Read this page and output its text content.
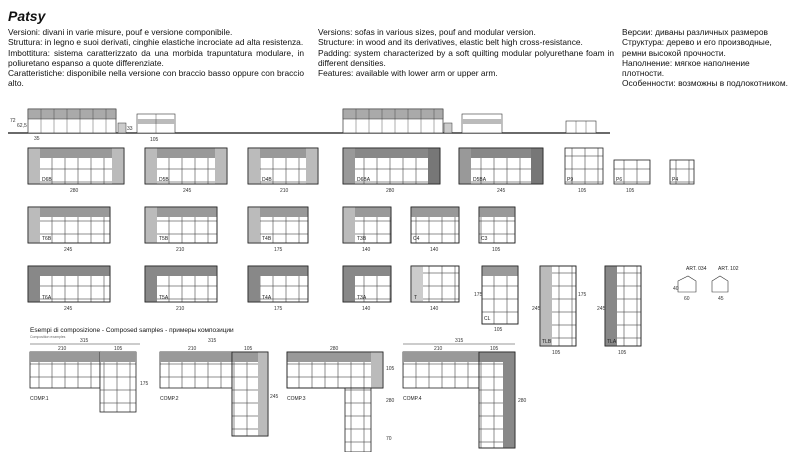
Patsy

Versioni: divani in varie misure, pouf e versione componibile.

Struttura: in legno e suoi derivati, cinghie elastiche incrociate ad alta resistenza.

Imbottitura: sistema caratterizzato da una morbida trapuntatura modulare, in poliuretano espanso a quote differenziate.

Caratteristiche: disponibile nella versione con braccio basso oppure con braccio alto.

Versions: sofas in various sizes, pouf and modular version.

Structure: in wood and its derivatives, elastic belt high cross-resistance.

Padding: system characterized by a soft quilting modular polyurethane foam in different densities.

Features: available with lower arm or upper arm.

Версии: диваны различных размеров

Структура: дерево и его производные, ремни высокой прочности.

Наполнение: мягкое наполнение плотности.

Особенности: возможны в подлокотником.

72
62,5
35
33
105
D6B
280
D5B
245
D4B
210
D6BA
280
D5BA
245
P9
105
P6
105
P4
T6B
245
T5B
210
T4B
175
T3B
140
C4
140
C3
105
T6A
245
T5A
210
T4A
175
T3A
140
T
140
CL
175
105
TLB
245
175
105
TLA
245
105
ART. 034
40
60
ART. 102
45
315
210	105
175
COMP.1
315
210	105
245
COMP.2
280
105
280
70
COMP.3
315
210	105
280
COMP.4
Esempi di composizione - Composed samples - примеры композиции
Composition examples
